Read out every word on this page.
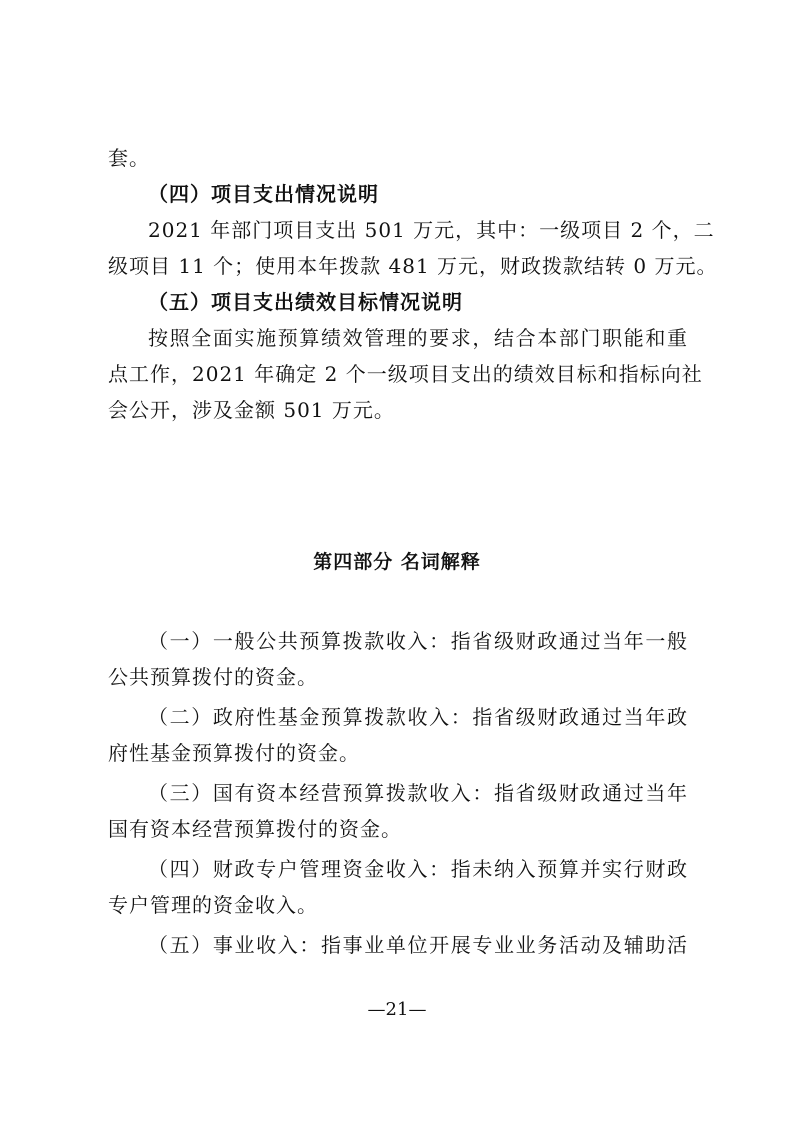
套。
（四）项目支出情况说明
2021 年部门项目支出 501 万元，其中：一级项目 2 个，二
级项目 11 个；使用本年拨款 481 万元，财政拨款结转 0 万元。
（五）项目支出绩效目标情况说明
按照全面实施预算绩效管理的要求，结合本部门职能和重
点工作，2021 年确定 2 个一级项目支出的绩效目标和指标向社
会公开，涉及金额 501 万元。
第四部分 名词解释
（一）一般公共预算拨款收入：指省级财政通过当年一般
公共预算拨付的资金。
（二）政府性基金预算拨款收入：指省级财政通过当年政
府性基金预算拨付的资金。
（三）国有资本经营预算拨款收入：指省级财政通过当年
国有资本经营预算拨付的资金。
（四）财政专户管理资金收入：指未纳入预算并实行财政
专户管理的资金收入。
（五）事业收入：指事业单位开展专业业务活动及辅助活
—21—
